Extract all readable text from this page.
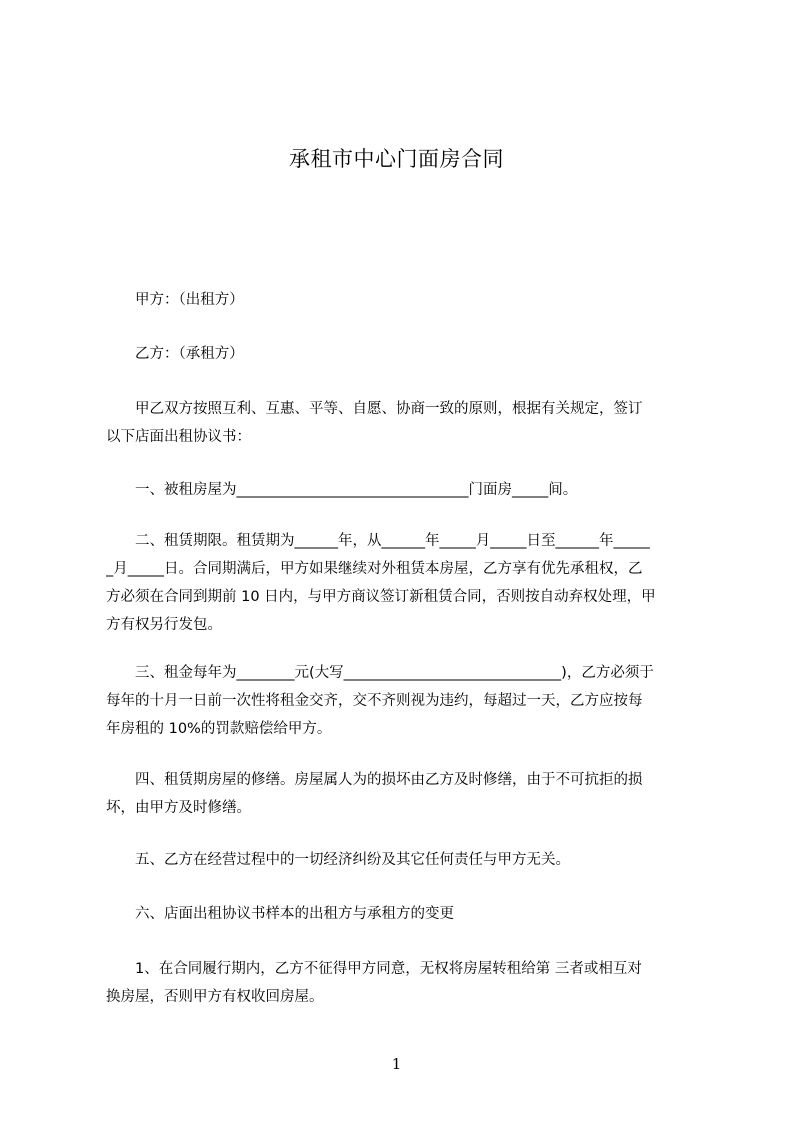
承租市中心门面房合同
　　甲方：（出租方）
　　乙方：（承租方）
　　甲乙双方按照互利、互惠、平等、自愿、协商一致的原则，根据有关规定，签订
以下店面出租协议书：
　　一、被租房屋为________________________________门面房_____间。
　　二、租赁期限。租赁期为______年，从______年_____月_____日至______年_____
_月_____日。合同期满后，甲方如果继续对外租赁本房屋，乙方享有优先承租权，乙
方必须在合同到期前 10 日内，与甲方商议签订新租赁合同，否则按自动弃权处理，甲
方有权另行发包。
　　三、租金每年为________元(大写______________________________)，乙方必须于
每年的十月一日前一次性将租金交齐，交不齐则视为违约，每超过一天，乙方应按每
年房租的 10%的罚款赔偿给甲方。
　　四、租赁期房屋的修缮。房屋属人为的损坏由乙方及时修缮，由于不可抗拒的损
坏，由甲方及时修缮。
　　五、乙方在经营过程中的一切经济纠纷及其它任何责任与甲方无关。
　　六、店面出租协议书样本的出租方与承租方的变更
　　1、在合同履行期内，乙方不征得甲方同意，无权将房屋转租给第 三者或相互对
换房屋，否则甲方有权收回房屋。
1
